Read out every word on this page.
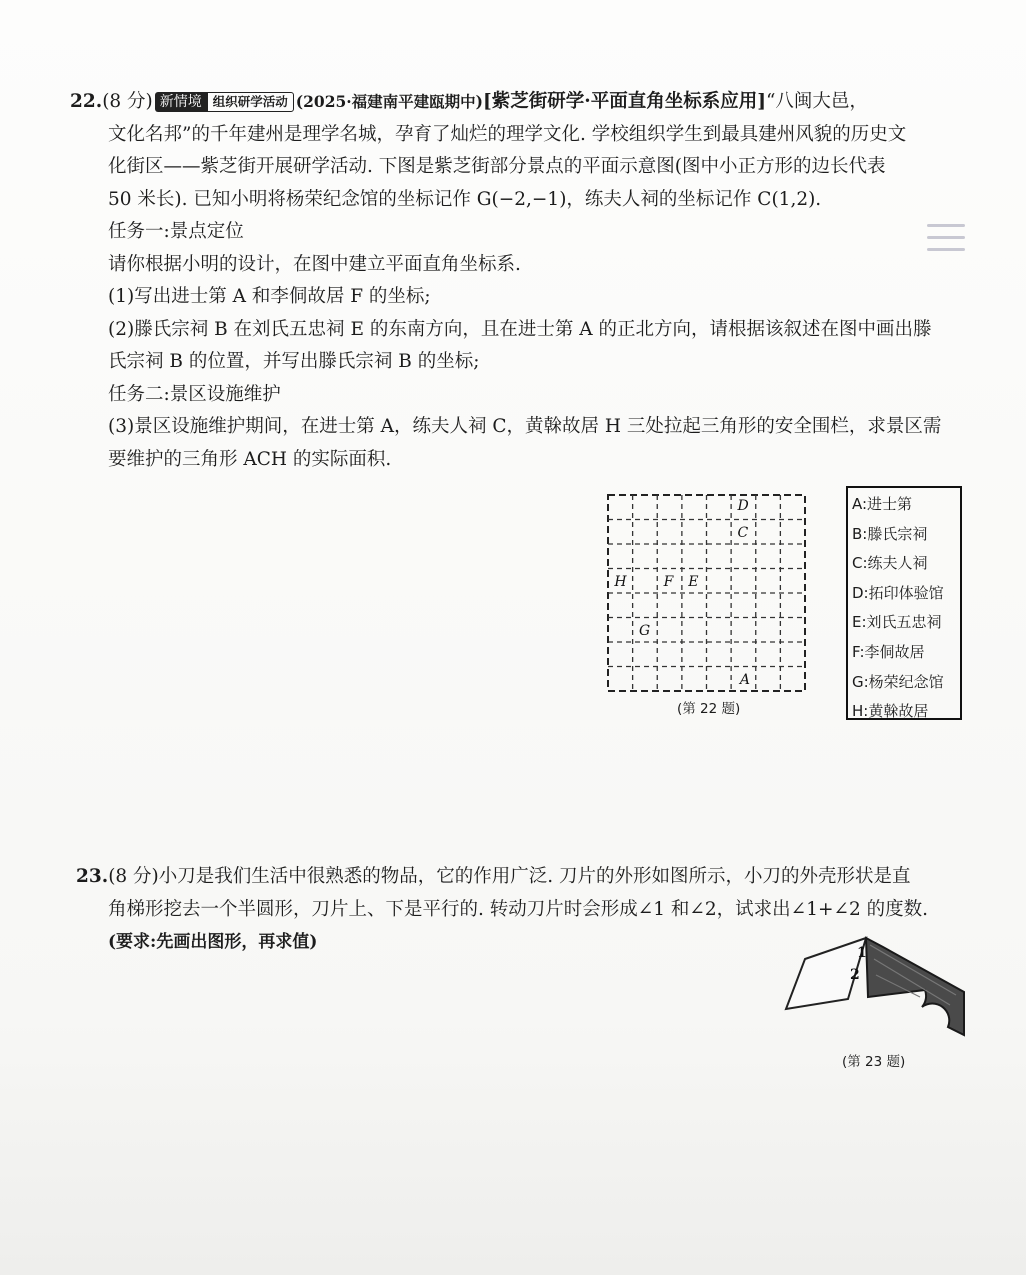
22.(8 分) 新情境 组织研学活动 (2025·福建南平建瓯期中)[紫芝街研学·平面直角坐标系应用]“八闽大邑，
文化名邦”的千年建州是理学名城，孕育了灿烂的理学文化. 学校组织学生到最具建州风貌的历史文
化街区——紫芝街开展研学活动. 下图是紫芝街部分景点的平面示意图(图中小正方形的边长代表
50 米长). 已知小明将杨荣纪念馆的坐标记作 G(−2,−1)，练夫人祠的坐标记作 C(1,2).
任务一:景点定位
请你根据小明的设计，在图中建立平面直角坐标系.
(1)写出进士第 A 和李侗故居 F 的坐标;
(2)滕氏宗祠 B 在刘氏五忠祠 E 的东南方向，且在进士第 A 的正北方向，请根据该叙述在图中画出滕
氏宗祠 B 的位置，并写出滕氏宗祠 B 的坐标;
任务二:景区设施维护
(3)景区设施维护期间，在进士第 A，练夫人祠 C，黄榦故居 H 三处拉起三角形的安全围栏，求景区需
要维护的三角形 ACH 的实际面积.
D
C
H	F E
G
A
(第 22 题)
A:进士第
B:滕氏宗祠
C:练夫人祠
D:拓印体验馆
E:刘氏五忠祠
F:李侗故居
G:杨荣纪念馆
H:黄榦故居
23.(8 分)小刀是我们生活中很熟悉的物品，它的作用广泛. 刀片的外形如图所示，小刀的外壳形状是直
角梯形挖去一个半圆形，刀片上、下是平行的. 转动刀片时会形成∠1 和∠2，试求出∠1+∠2 的度数.
(要求:先画出图形，再求值)
1
2
(第 23 题)
